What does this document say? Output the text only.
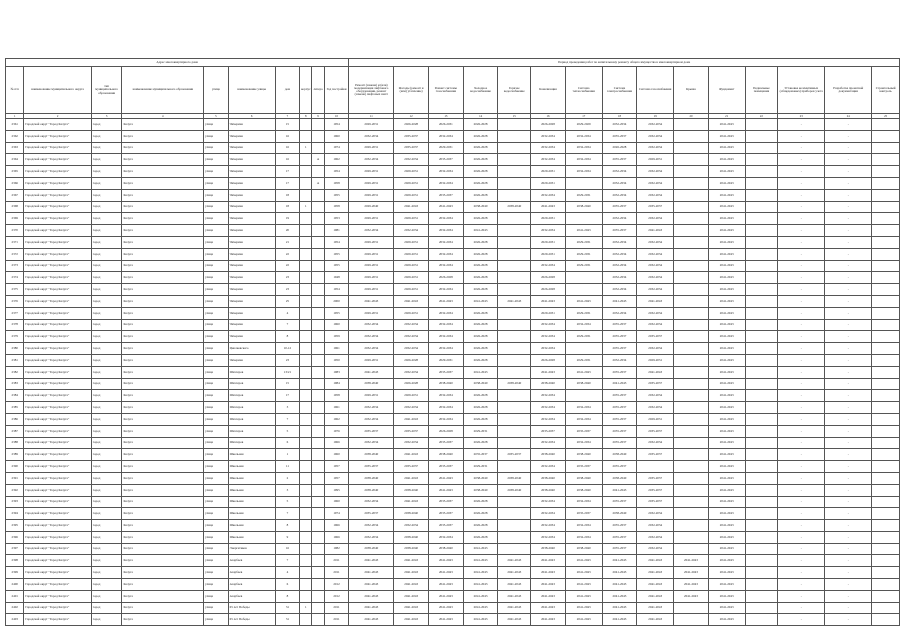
Адрес многоквартирного дома										Период проведения работ по капитальному ремонту общего имущества в многоквартирном доме														
№ п/п	наименование муниципального округа	тип муниципального образования	наименование муниципального образования	улица	наименование улицы	дом	корпус	литера	Год постройки	Ремонт (замена) и (или) модернизация лифтового оборудования, ремонт (замена) лифтовых шахт	Фасады (ремонт и (или) утепление)	Ремонт системы газоснабжения	Холодное водоснабжение	Горячее водоснабжение	Канализация	Система теплоснабжения	Система электроснабжения	Система газоснабжения	Крыша	Фундамент	Подвальные помещения	Установка коллективных (общедомовых) приборов учета	Разработка проектной документации	Строительный контроль
1	2	3	4	5	6	7	8	9	10	11	12	13	14	15	16	17	18	19	20	21	22	23	24	25
2361	Городской округ "Город Калуга"	город	Калуга	улица	Чичерина	15			1954	2029-2031	2026-2028	2026-2031	2026-2028		2026-2028	2029-2029	2032-2034	2032-2034		2041-2043		-	-	
2362	Городской округ "Город Калуга"	город	Калуга	улица	Чичерина	16			1960	2032-2034	2035-2037	2032-2034	2026-2028		2032-2034	2032-2034	2035-2037	2032-2034		2041-2043		-	-	
2363	Городской округ "Город Калуга"	город	Калуга	улица	Чичерина	16	1		1974	2029-2031	2035-2037	2029-2031	2026-2028		2032-2034	2032-2034	2026-2028	2032-2034		2041-2043		-	-	
2364	Городской округ "Город Калуга"	город	Калуга	улица	Чичерина	16		А	1962	2032-2034	2032-2034	2035-2037	2026-2028		2032-2034	2032-2034	2035-2037	2029-2031		2041-2043		-	-	
2365	Городской округ "Город Калуга"	город	Калуга	улица	Чичерина	17			1954	2029-2031	2029-2031	2032-2034	2026-2028		2029-2031	2032-2034	2032-2034	2032-2034		2041-2043		-	-	
2366	Городской округ "Город Калуга"	город	Калуга	улица	Чичерина	17		А	1958	2029-2031	2029-2031	2032-2034	2026-2028		2029-2031		2032-2034	2032-2034		2041-2043		-	-	
2367	Городской округ "Город Калуга"	город	Калуга	улица	Чичерина	18			1955	2029-2031	2029-2031	2035-2037	2026-2028		2032-2034	2029-2031	2032-2034	2032-2034		2041-2043		-	-	
2368	Городской округ "Город Калуга"	город	Калуга	улица	Чичерина	18	1		1958	2029-2040	2041-2043	2041-2043	2038-2040	2038-2040	2041-2043	2038-2040	2035-2037	2035-2037		2041-2043		-	-	
2369	Городской округ "Город Калуга"	город	Калуга	улица	Чичерина	19			1953	2029-2031	2029-2031	2032-2034	2026-2028		2029-2031		2032-2034	2032-2034		2041-2043		-	-	
2370	Городской округ "Город Калуга"	город	Калуга	улица	Чичерина	20			1981	2032-2034	2032-2034	2032-2034	2041-2043		2032-2034	2041-2043	2035-2037	2041-2043		2041-2043		-	-	
2371	Городской округ "Город Калуга"	город	Калуга	улица	Чичерина	21			1954	2029-2031	2029-2031	2032-2034	2026-2028		2029-2031	2029-2031	2032-2034	2032-2034		2041-2043		-	-	
2372	Городской округ "Город Калуга"	город	Калуга	улица	Чичерина	22			1955	2029-2031	2029-2031	2032-2034	2026-2028		2029-2031	2029-2031	2032-2034	2032-2034		2041-2043		-	-	
2373	Городской округ "Город Калуга"	город	Калуга	улица	Чичерина	22			1955	2029-2031	2029-2031	2032-2034	2026-2028		2032-2034	2029-2031	2032-2034	2032-2034		2041-2043		-	-	
2374	Городской округ "Город Калуга"	город	Калуга	улица	Чичерина	23			1948	2029-2031	2029-2031	2026-2028	2026-2028		2026-2028		2032-2034	2032-2034		2041-2043		-	-	
2375	Городской округ "Город Калуга"	город	Калуга	улица	Чичерина	23			1954	2029-2031	2029-2031	2032-2034	2026-2028		2026-2028		2032-2034	2032-2034		2041-2043		-	-	
2376	Городской округ "Город Калуга"	город	Калуга	улица	Чичерина	25			2000	2041-2043	2041-2043	2041-2043	2041-2043	2041-2043	2041-2043	2041-2043	2041-2043	2041-2043		2041-2043		-	-	
2377	Городской округ "Город Калуга"	город	Калуга	улица	Чичерина	4			1955	2029-2031	2029-2031	2032-2034	2026-2028		2029-2031	2029-2031	2032-2034	2032-2034		2041-2043		-	-	
2378	Городской округ "Город Калуга"	город	Калуга	улица	Чичерина	7			1960	2032-2034	2032-2034	2032-2034	2026-2028		2032-2034	2032-2034	2035-2037	2032-2034		2041-2043		-	-	
2379	Городской округ "Город Калуга"	город	Калуга	улица	Чичерина	8			1959	2032-2034	2032-2034	2032-2034	2026-2028		2032-2034	2029-2031	2035-2037	2035-2037		2041-2043		-	-	
2380	Городской округ "Город Калуга"	город	Калуга	улица	Циолковского	10-12			1961	2032-2034	2032-2034	2032-2034	2026-2028		2032-2034		2035-2037	2032-2034		2041-2043		-	-	
2381	Городской округ "Город Калуга"	город	Калуга	улица	Чичерина	23			1950	2029-2031	2026-2028	2029-2031	2026-2028		2026-2028	2029-2031	2032-2034	2029-2031		2041-2043		-	-	
2382	Городской округ "Город Калуга"	город	Калуга	улица	Шахтеров	13/21			1983	2041-2043	2032-2034	2035-2037	2041-2043		2041-2043	2041-2043	2035-2037	2041-2043		2041-2043		-	-	
2383	Городской округ "Город Калуга"	город	Калуга	улица	Шахтеров	15			1984	2038-2040	2026-2028	2038-2040	2038-2040	2038-2040	2038-2040	2038-2040	2041-2043	2035-2037		2041-2043		-	-	
2384	Городской округ "Город Калуга"	город	Калуга	улица	Шахтеров	17			1958	2029-2031	2029-2031	2032-2034	2026-2028		2032-2034		2035-2037	2032-2034		2041-2043		-	-	
2385	Городской округ "Город Калуга"	город	Калуга	улица	Шахтеров	3			1961	2032-2034	2032-2034	2032-2034	2026-2028		2032-2034	2032-2034	2035-2037	2032-2034		2041-2043		-	-	
2386	Городской округ "Город Калуга"	город	Калуга	улица	Шахтеров	7			1962	2032-2034	2041-2043	2032-2034	2026-2028		2032-2034	2032-2034	2035-2037	2029-2031		2041-2043		-	-	
2387	Городской округ "Город Калуга"	город	Калуга	улица	Шахтеров	5			1976	2035-2037	2035-2037	2026-2028	2029-2031		2035-2037	2035-2037	2035-2037	2035-2037		2041-2043		-	-	
2388	Городской округ "Город Калуга"	город	Калуга	улица	Шахтеров	6			1966	2032-2034	2032-2034	2035-2037	2026-2028		2032-2034	2032-2034	2035-2037	2032-2034		2041-2043		-	-	
2389	Городской округ "Город Калуга"	город	Калуга	улица	Школьная	1			1960	2038-2040	2041-2043	2038-2040	2035-2037	2035-2037	2038-2040	2038-2040	2038-2040	2035-2037		2041-2043		-	-	
2390	Городской округ "Город Калуга"	город	Калуга	улица	Школьная	11			1957	2035-2037	2035-2037	2035-2037	2029-2031		2032-2034	2035-2037	2035-2037			2041-2043		-	-	
2391	Городской округ "Город Калуга"	город	Калуга	улица	Школьная	2			1957	2038-2040	2041-2043	2041-2043	2038-2040	2038-2040	2038-2040	2038-2040	2038-2040	2035-2037		2041-2043		-	-	
2392	Городской округ "Город Калуга"	город	Калуга	улица	Школьная	3			1995	2038-2040	2038-2040	2041-2043	2038-2040	2038-2040	2038-2040	2038-2040	2041-2043	2035-2037		2041-2043		-	-	
2393	Городской округ "Город Калуга"	город	Калуга	улица	Школьная	5			1960	2032-2034	2041-2043	2035-2037	2026-2028		2032-2034	2032-2034	2035-2037	2035-2037		2041-2043		-	-	
2394	Городской округ "Город Калуга"	город	Калуга	улица	Школьная	7			1974	2035-2037	2038-2040	2035-2037	2026-2028		2032-2034	2035-2037	2038-2040	2032-2034		2041-2043		-	-	
2395	Городской округ "Город Калуга"	город	Калуга	улица	Школьная	8			1966	2032-2034	2032-2034	2035-2037	2026-2028		2032-2034	2032-2034	2035-2037	2032-2034		2041-2043		-	-	
2396	Городской округ "Город Калуга"	город	Калуга	улица	Школьная	9			1966	2032-2034	2038-2040	2032-2034	2026-2028		2032-2034	2032-2034	2035-2037	2032-2034		2041-2043		-	-	
2397	Городской округ "Город Калуга"	город	Калуга	улица	Энергетиков	16			1982	2038-2040	2038-2040	2038-2040	2041-2043		2038-2040	2038-2040	2035-2037	2032-2034		2041-2043		-	-	
2398	Городской округ "Город Калуга"	город	Калуга	улица	Азарбаев	7			2011	2041-2043	2041-2043	2041-2043	2041-2043	2041-2043	2041-2043	2041-2043	2041-2043	2041-2043	2041-2043	2041-2043		-	-	
2399	Городской округ "Город Калуга"	город	Калуга	улица	Азарбаев	4			2011	2041-2043	2041-2043	2041-2043	2041-2043	2041-2043	2041-2043	2041-2043	2041-2043	2041-2043	2041-2043	2041-2043		-	-	
2400	Городской округ "Город Калуга"	город	Калуга	улица	Азарбаев	6			2012	2041-2043	2041-2043	2041-2043	2041-2043	2041-2043	2041-2043	2041-2043	2041-2043	2041-2043	2041-2043	2041-2043		-	-	
2401	Городской округ "Город Калуга"	город	Калуга	улица	Азарбаев	8			2012	2041-2043	2041-2043	2041-2043	2041-2043	2041-2043	2041-2043	2041-2043	2041-2043	2041-2043	2041-2043	2041-2043		-	-	
2402	Городской округ "Город Калуга"	город	Калуга	улица	65 лет Победы	31	1		2011	2041-2043	2041-2043	2041-2043	2041-2043	2041-2043	2041-2043	2041-2043	2041-2043	2041-2043		2041-2043		-	-	
2403	Городской округ "Город Калуга"	город	Калуга	улица	65 лет Победы	31			2011	2041-2043	2041-2043	2041-2043	2041-2043	2041-2043	2041-2043	2041-2043	2041-2043	2041-2043		2041-2043		-	-	
